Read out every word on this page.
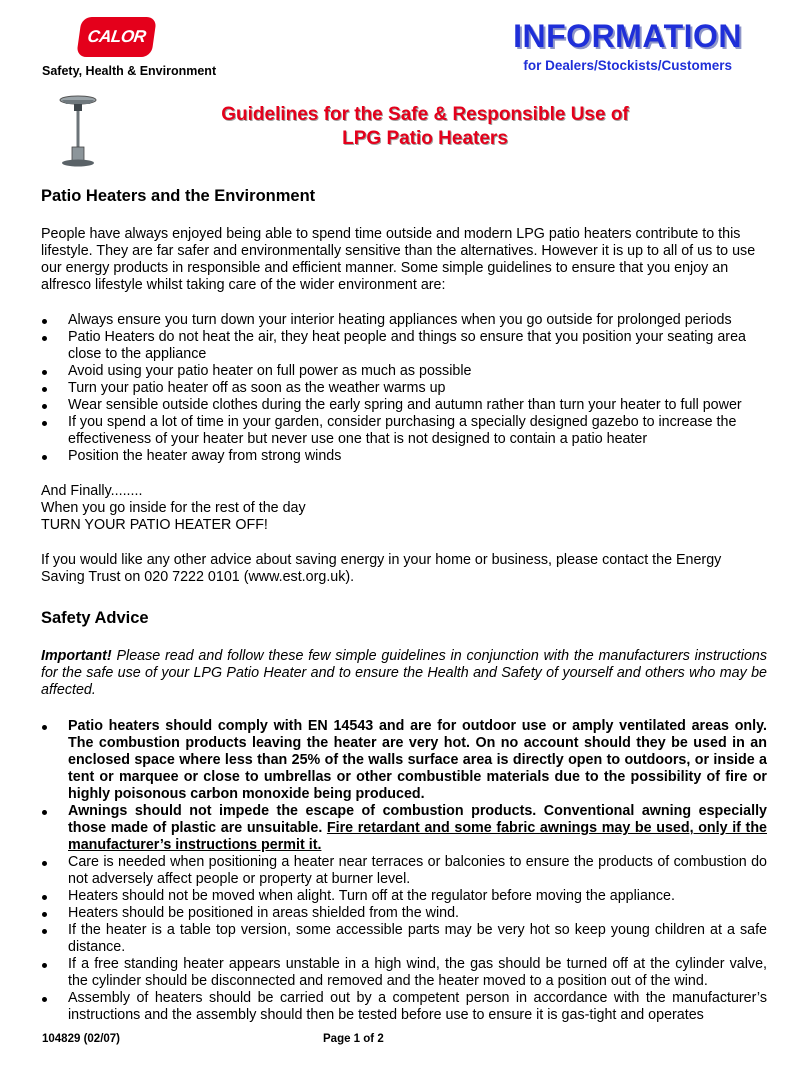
CALOR
Safety, Health & Environment
INFORMATION
for Dealers/Stockists/Customers
Guidelines for the Safe & Responsible Use of
LPG Patio Heaters
Patio Heaters and the Environment

People have always enjoyed being able to spend time outside and modern LPG patio heaters contribute to this lifestyle. They are far safer and environmentally sensitive than the alternatives. However it is up to all of us to use our energy products in responsible and efficient manner. Some simple guidelines to ensure that you enjoy an alfresco lifestyle whilst taking care of the wider environment are:

Always ensure you turn down your interior heating appliances when you go outside for prolonged periods
Patio Heaters do not heat the air, they heat people and things so ensure that you position your seating area close to the appliance
Avoid using your patio heater on full power as much as possible
Turn your patio heater off as soon as the weather warms up
Wear sensible outside clothes during the early spring and autumn rather than turn your heater to full power
If you spend a lot of time in your garden, consider purchasing a specially designed gazebo to increase the effectiveness of your heater but never use one that is not designed to contain a patio heater
Position the heater away from strong winds

And Finally........

When you go inside for the rest of the day

TURN YOUR PATIO HEATER OFF!

If you would like any other advice about saving energy in your home or business, please contact the Energy Saving Trust on 020 7222 0101 (www.est.org.uk).

Safety Advice

Important! Please read and follow these few simple guidelines in conjunction with the manufacturers instructions for the safe use of your LPG Patio Heater and to ensure the Health and Safety of yourself and others who may be affected.

Patio heaters should comply with EN 14543 and are for outdoor use or amply ventilated areas only. The combustion products leaving the heater are very hot. On no account should they be used in an enclosed space where less than 25% of the walls surface area is directly open to outdoors, or inside a tent or marquee or close to umbrellas or other combustible materials due to the possibility of fire or highly poisonous carbon monoxide being produced.
Awnings should not impede the escape of combustion products. Conventional awning especially those made of plastic are unsuitable. Fire retardant and some fabric awnings may be used, only if the manufacturer’s instructions permit it.
Care is needed when positioning a heater near terraces or balconies to ensure the products of combustion do not adversely affect people or property at burner level.
Heaters should not be moved when alight. Turn off at the regulator before moving the appliance.
Heaters should be positioned in areas shielded from the wind.
If the heater is a table top version, some accessible parts may be very hot so keep young children at a safe distance.
If a free standing heater appears unstable in a high wind, the gas should be turned off at the cylinder valve, the cylinder should be disconnected and removed and the heater moved to a position out of the wind.
Assembly of heaters should be carried out by a competent person in accordance with the manufacturer’s instructions and the assembly should then be tested before use to ensure it is gas-tight and operates
104829 (02/07)	Page 1 of 2
